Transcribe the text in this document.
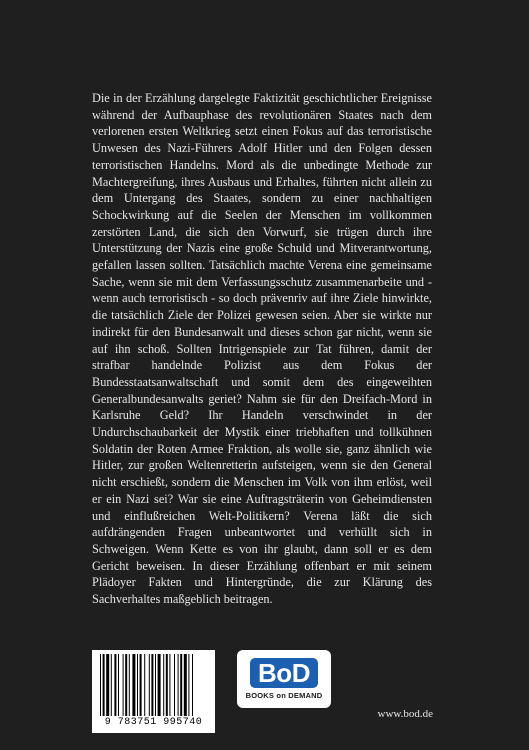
Die in der Erzählung dargelegte Faktizität geschichtlicher Ereignisse während der Aufbauphase des revolutionären Staates nach dem verlorenen ersten Weltkrieg setzt einen Fokus auf das terroristische Unwesen des Nazi-Führers Adolf Hitler und den Folgen dessen terroristischen Handelns. Mord als die unbedingte Methode zur Machtergreifung, ihres Ausbaus und Erhaltes, führten nicht allein zu dem Untergang des Staates, sondern zu einer nachhaltigen Schockwirkung auf die Seelen der Menschen im vollkommen zerstörten Land, die sich den Vorwurf, sie trügen durch ihre Unterstützung der Nazis eine große Schuld und Mitverantwortung, gefallen lassen sollten. Tatsächlich machte Verena eine gemeinsame Sache, wenn sie mit dem Verfassungsschutz zusammenarbeite und - wenn auch terroristisch - so doch prävenriv auf ihre Ziele hinwirkte, die tatsächlich Ziele der Polizei gewesen seien. Aber sie wirkte nur indirekt für den Bundesanwalt und dieses schon gar nicht, wenn sie auf ihn schoß. Sollten Intrigenspiele zur Tat führen, damit der strafbar handelnde Polizist aus dem Fokus der Bundesstaatsanwaltschaft und somit dem des eingeweihten Generalbundesanwalts geriet? Nahm sie für den Dreifach-Mord in Karlsruhe Geld? Ihr Handeln verschwindet in der Undurchschaubarkeit der Mystik einer triebhaften und tollkühnen Soldatin der Roten Armee Fraktion, als wolle sie, ganz ähnlich wie Hitler, zur großen Weltenretterin aufsteigen, wenn sie den General nicht erschießt, sondern die Menschen im Volk von ihm erlöst, weil er ein Nazi sei? War sie eine Auftragsträterin von Geheimdiensten und einflußreichen Welt-Politikern? Verena läßt die sich aufdrängenden Fragen unbeantwortet und verhüllt sich in Schweigen. Wenn Kette es von ihr glaubt, dann soll er es dem Gericht beweisen. In dieser Erzählung offenbart er mit seinem Plädoyer Fakten und Hintergründe, die zur Klärung des Sachverhaltes maßgeblich beitragen.

9 783751 995740
BoD
BOOKS on DEMAND
www.bod.de
